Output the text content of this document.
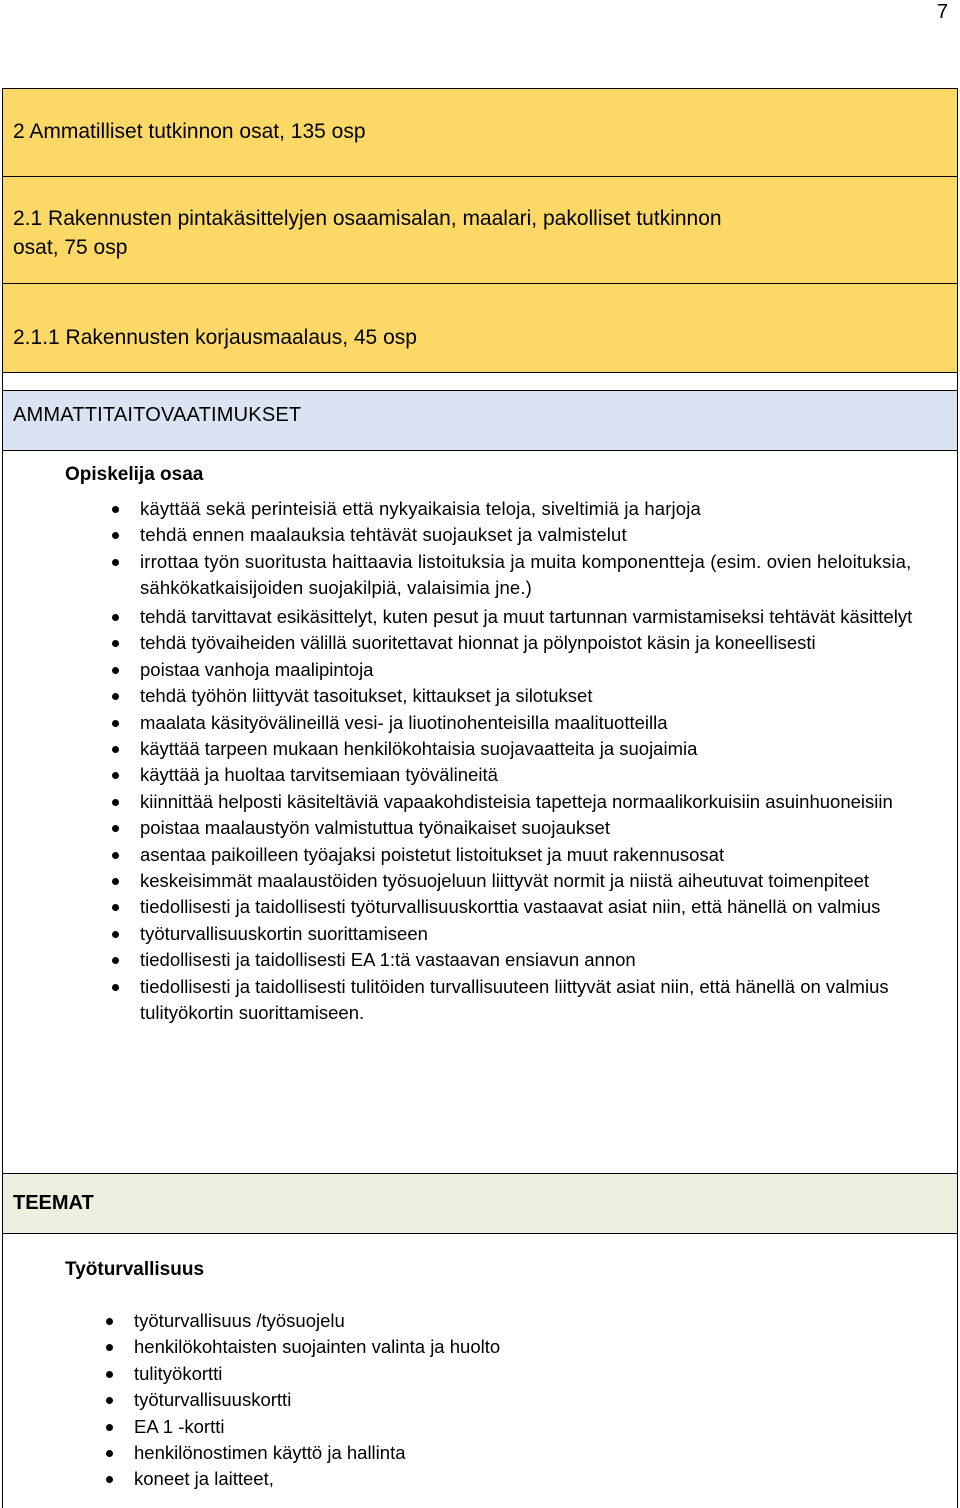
7
2 Ammatilliset tutkinnon osat, 135 osp
2.1 Rakennusten pintakäsittelyjen osaamisalan, maalari, pakolliset tutkinnon
osat, 75 osp
2.1.1 Rakennusten korjausmaalaus, 45 osp
AMMATTITAITOVAATIMUKSET
Opiskelija osaa
TEEMAT
Työturvallisuus
käyttää sekä perinteisiä että nykyaikaisia teloja, siveltimiä ja harjoja
tehdä ennen maalauksia tehtävät suojaukset ja valmistelut
irrottaa työn suoritusta haittaavia listoituksia ja muita komponentteja (esim. ovien heloituksia, sähkökatkaisijoiden suojakilpiä, valaisimia jne.)
tehdä tarvittavat esikäsittelyt, kuten pesut ja muut tartunnan varmistamiseksi tehtävät käsittelyt
tehdä työvaiheiden välillä suoritettavat hionnat ja pölynpoistot käsin ja koneellisesti
poistaa vanhoja maalipintoja
tehdä työhön liittyvät tasoitukset, kittaukset ja silotukset
maalata käsityövälineillä vesi- ja liuotinohenteisilla maalituotteilla
käyttää tarpeen mukaan henkilökohtaisia suojavaatteita ja suojaimia
käyttää ja huoltaa tarvitsemiaan työvälineitä
kiinnittää helposti käsiteltäviä vapaakohdisteisia tapetteja normaalikorkuisiin asuinhuoneisiin
poistaa maalaustyön valmistuttua työnaikaiset suojaukset
asentaa paikoilleen työajaksi poistetut listoitukset ja muut rakennusosat
keskeisimmät maalaustöiden työsuojeluun liittyvät normit ja niistä aiheutuvat toimenpiteet
tiedollisesti ja taidollisesti työturvallisuuskorttia vastaavat asiat niin, että hänellä on valmius
työturvallisuuskortin suorittamiseen
tiedollisesti ja taidollisesti EA 1:tä vastaavan ensiavun annon
tiedollisesti ja taidollisesti tulitöiden turvallisuuteen liittyvät asiat niin, että hänellä on valmius tulityökortin suorittamiseen.
työturvallisuus /työsuojelu
henkilökohtaisten suojainten valinta ja huolto
tulityökortti
työturvallisuuskortti
EA 1 -kortti
henkilönostimen käyttö ja hallinta
koneet ja laitteet,
